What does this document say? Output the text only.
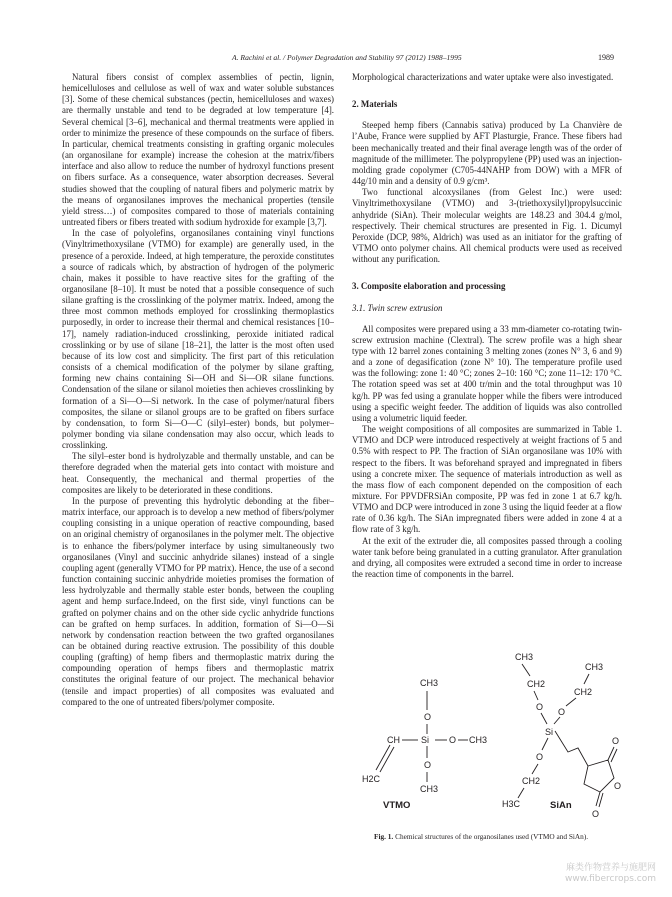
A. Rachini et al. / Polymer Degradation and Stability 97 (2012) 1988–1995	1989

Natural fibers consist of complex assemblies of pectin, lignin, hemicelluloses and cellulose as well of wax and water soluble substances [3]. Some of these chemical substances (pectin, hemicelluloses and waxes) are thermally unstable and tend to be degraded at low temperature [4]. Several chemical [3–6], mechanical and thermal treatments were applied in order to minimize the presence of these compounds on the surface of fibers. In particular, chemical treatments consisting in grafting organic molecules (an organosilane for example) increase the cohesion at the matrix/fibers interface and also allow to reduce the number of hydroxyl functions present on fibers surface. As a consequence, water absorption decreases. Several studies showed that the coupling of natural fibers and polymeric matrix by the means of organosilanes improves the mechanical properties (tensile yield stress…) of composites compared to those of materials containing untreated fibers or fibers treated with sodium hydroxide for example [3,7].

In the case of polyolefins, organosilanes containing vinyl functions (Vinyltrimethoxysilane (VTMO) for example) are generally used, in the presence of a peroxide. Indeed, at high temperature, the peroxide constitutes a source of radicals which, by abstraction of hydrogen of the polymeric chain, makes it possible to have reactive sites for the grafting of the organosilane [8–10]. It must be noted that a possible consequence of such silane grafting is the crosslinking of the polymer matrix. Indeed, among the three most common methods employed for crosslinking thermoplastics purposedly, in order to increase their thermal and chemical resistances [10–17], namely radiation-induced crosslinking, peroxide initiated radical crosslinking or by use of silane [18–21], the latter is the most often used because of its low cost and simplicity. The first part of this reticulation consists of a chemical modification of the polymer by silane grafting, forming new chains containing Si—OH and Si—OR silane functions. Condensation of the silane or silanol moieties then achieves crosslinking by formation of a Si—O—Si network. In the case of polymer/natural fibers composites, the silane or silanol groups are to be grafted on fibers surface by condensation, to form Si—O—C (silyl–ester) bonds, but polymer–polymer bonding via silane condensation may also occur, which leads to crosslinking.

The silyl–ester bond is hydrolyzable and thermally unstable, and can be therefore degraded when the material gets into contact with moisture and heat. Consequently, the mechanical and thermal properties of the composites are likely to be deteriorated in these conditions.

In the purpose of preventing this hydrolytic debonding at the fiber–matrix interface, our approach is to develop a new method of fibers/polymer coupling consisting in a unique operation of reactive compounding, based on an original chemistry of organosilanes in the polymer melt. The objective is to enhance the fibers/polymer interface by using simultaneously two organosilanes (Vinyl and succinic anhydride silanes) instead of a single coupling agent (generally VTMO for PP matrix). Hence, the use of a second function containing succinic anhydride moieties promises the formation of less hydrolyzable and thermally stable ester bonds, between the coupling agent and hemp surface.Indeed, on the first side, vinyl functions can be grafted on polymer chains and on the other side cyclic anhydride functions can be grafted on hemp surfaces. In addition, formation of Si—O—Si network by condensation reaction between the two grafted organosilanes can be obtained during reactive extrusion. The possibility of this double coupling (grafting) of hemp fibers and thermoplastic matrix during the compounding operation of hemps fibers and thermoplastic matrix constitutes the original feature of our project. The mechanical behavior (tensile and impact properties) of all composites was evaluated and compared to the one of untreated fibers/polymer composite.

Morphological characterizations and water uptake were also investigated.

2. Materials

Steeped hemp fibers (Cannabis sativa) produced by La Chanvière de l’Aube, France were supplied by AFT Plasturgie, France. These fibers had been mechanically treated and their final average length was of the order of magnitude of the millimeter. The polypropylene (PP) used was an injection-molding grade copolymer (C705-44NAHP from DOW) with a MFR of 44g/10 min and a density of 0.9 g/cm³.

Two functional alcoxysilanes (from Gelest Inc.) were used: Vinyltrimethoxysilane (VTMO) and 3-(triethoxysilyl)propylsuccinic anhydride (SiAn). Their molecular weights are 148.23 and 304.4 g/mol, respectively. Their chemical structures are presented in Fig. 1. Dicumyl Peroxide (DCP, 98%, Aldrich) was used as an initiator for the grafting of VTMO onto polymer chains. All chemical products were used as received without any purification.

3. Composite elaboration and processing
3.1. Twin screw extrusion

All composites were prepared using a 33 mm-diameter co-rotating twin-screw extrusion machine (Clextral). The screw profile was a high shear type with 12 barrel zones containing 3 melting zones (zones N° 3, 6 and 9) and a zone of degasification (zone N° 10). The temperature profile used was the following: zone 1: 40 °C; zones 2–10: 160 °C; zone 11–12: 170 °C. The rotation speed was set at 400 tr/min and the total throughput was 10 kg/h. PP was fed using a granulate hopper while the fibers were introduced using a specific weight feeder. The addition of liquids was also controlled using a volumetric liquid feeder.

The weight compositions of all composites are summarized in Table 1. VTMO and DCP were introduced respectively at weight fractions of 5 and 0.5% with respect to PP. The fraction of SiAn organosilane was 10% with respect to the fibers. It was beforehand sprayed and impregnated in fibers using a concrete mixer. The sequence of materials introduction as well as the mass flow of each component depended on the composition of each mixture. For PPVDFRSiAn composite, PP was fed in zone 1 at 6.7 kg/h. VTMO and DCP were introduced in zone 3 using the liquid feeder at a flow rate of 0.36 kg/h. The SiAn impregnated fibers were added in zone 4 at a flow rate of 3 kg/h.

At the exit of the extruder die, all composites passed through a cooling water tank before being granulated in a cutting granulator. After granulation and drying, all composites were extruded a second time in order to increase the reaction time of components in the barrel.

CH3
O
CH Si O CH3
O
CH3
H2C
VTMO
CH3
CH2
O
CH3
CH2
O
Si
O
CH2
H3C
O
O
O
SiAn
Fig. 1. Chemical structures of the organosilanes used (VTMO and SiAn).
麻类作物营养与施肥网
www.fibercrops.com
